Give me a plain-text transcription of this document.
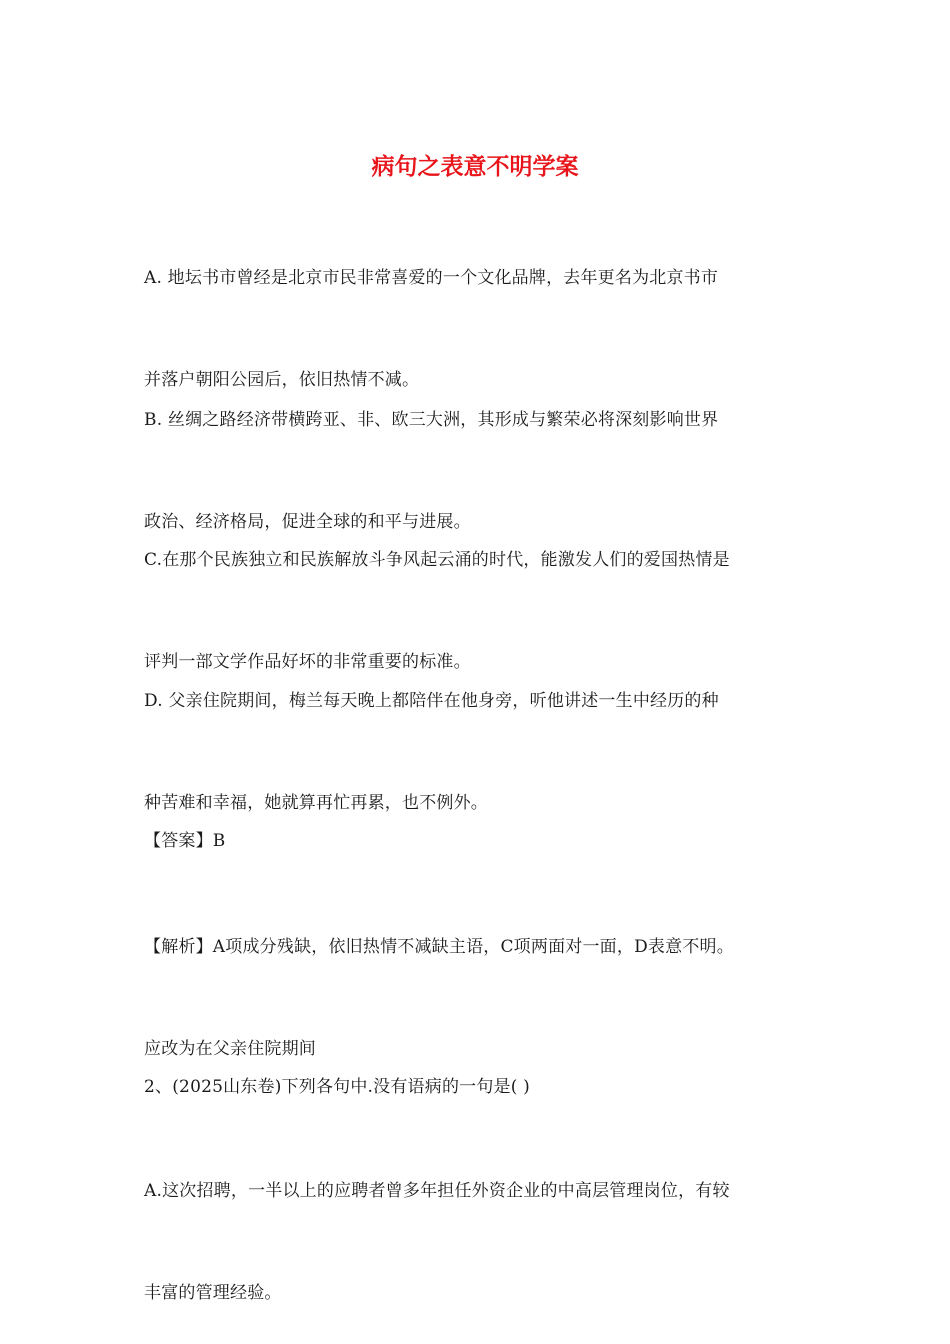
病句之表意不明学案

A. 地坛书市曾经是北京市民非常喜爱的一个文化品牌，去年更名为北京书市

并落户朝阳公园后，依旧热情不减。

B. 丝绸之路经济带横跨亚、非、欧三大洲，其形成与繁荣必将深刻影响世界

政治、经济格局，促进全球的和平与进展。

C.在那个民族独立和民族解放斗争风起云涌的时代，能激发人们的爱国热情是

评判一部文学作品好坏的非常重要的标准。

D. 父亲住院期间，梅兰每天晚上都陪伴在他身旁，听他讲述一生中经历的种

种苦难和幸福，她就算再忙再累，也不例外。

【答案】B

【解析】A项成分残缺，依旧热情不减缺主语，C项两面对一面，D表意不明。

应改为在父亲住院期间

2、(2025山东卷)下列各句中.没有语病的一句是( )

A.这次招聘，一半以上的应聘者曾多年担任外资企业的中高层管理岗位，有较

丰富的管理经验。
